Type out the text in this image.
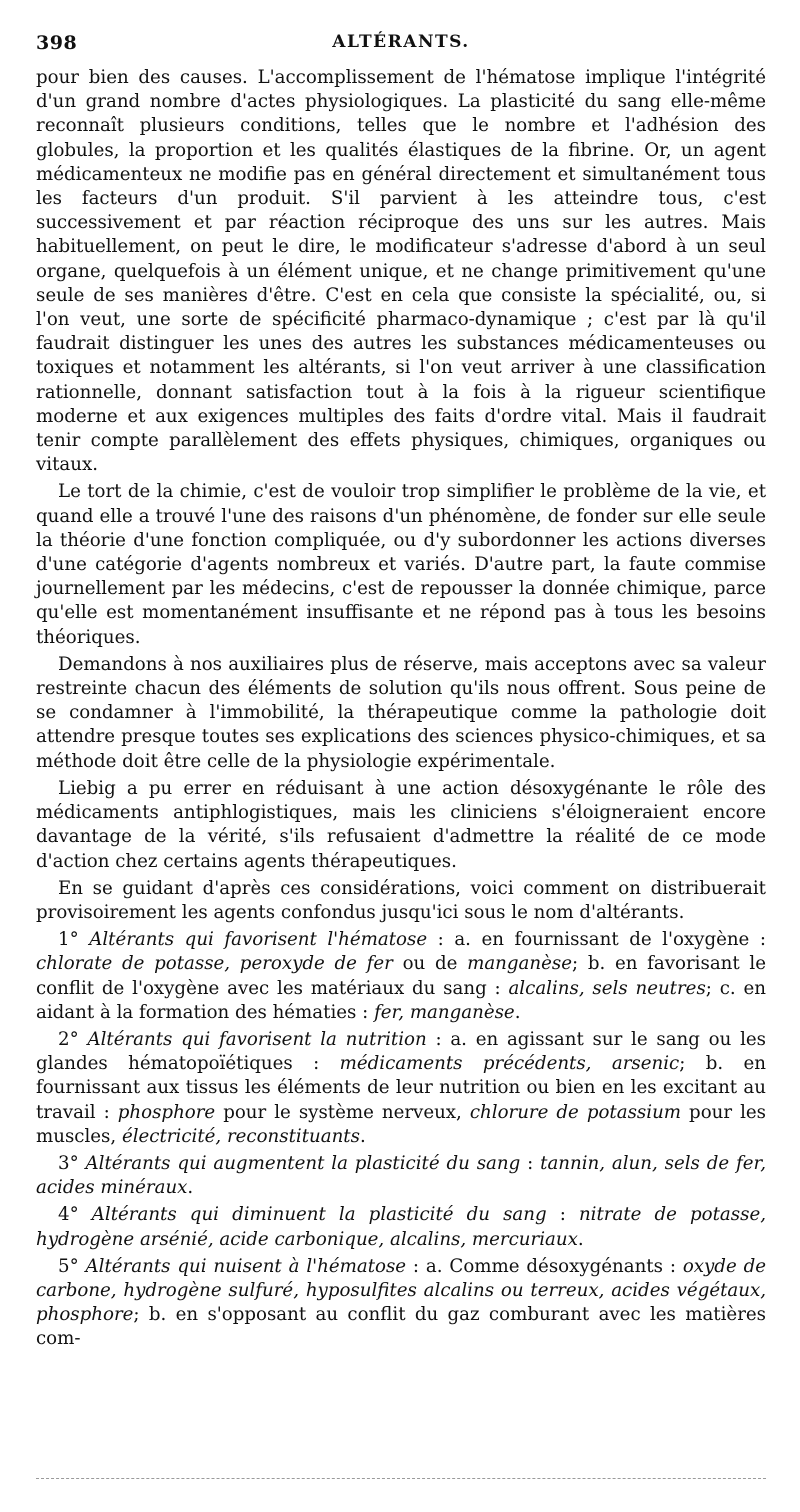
398	ALTÉRANTS.

pour bien des causes. L'accomplissement de l'hématose implique l'intégrité d'un grand nombre d'actes physiologiques. La plasticité du sang elle-même reconnaît plusieurs conditions, telles que le nombre et l'adhésion des globules, la proportion et les qualités élastiques de la fibrine. Or, un agent médicamenteux ne modifie pas en général directement et simultanément tous les facteurs d'un produit. S'il parvient à les atteindre tous, c'est successivement et par réaction réciproque des uns sur les autres. Mais habituellement, on peut le dire, le modificateur s'adresse d'abord à un seul organe, quelquefois à un élément unique, et ne change primitivement qu'une seule de ses manières d'être. C'est en cela que consiste la spécialité, ou, si l'on veut, une sorte de spécificité pharmaco-dynamique ; c'est par là qu'il faudrait distinguer les unes des autres les substances médicamenteuses ou toxiques et notamment les altérants, si l'on veut arriver à une classification rationnelle, donnant satisfaction tout à la fois à la rigueur scientifique moderne et aux exigences multiples des faits d'ordre vital. Mais il faudrait tenir compte parallèlement des effets physiques, chimiques, organiques ou vitaux.

Le tort de la chimie, c'est de vouloir trop simplifier le problème de la vie, et quand elle a trouvé l'une des raisons d'un phénomène, de fonder sur elle seule la théorie d'une fonction compliquée, ou d'y subordonner les actions diverses d'une catégorie d'agents nombreux et variés. D'autre part, la faute commise journellement par les médecins, c'est de repousser la donnée chimique, parce qu'elle est momentanément insuffisante et ne répond pas à tous les besoins théoriques.

Demandons à nos auxiliaires plus de réserve, mais acceptons avec sa valeur restreinte chacun des éléments de solution qu'ils nous offrent. Sous peine de se condamner à l'immobilité, la thérapeutique comme la pathologie doit attendre presque toutes ses explications des sciences physico-chimiques, et sa méthode doit être celle de la physiologie expérimentale.

Liebig a pu errer en réduisant à une action désoxygénante le rôle des médicaments antiphlogistiques, mais les cliniciens s'éloigneraient encore davantage de la vérité, s'ils refusaient d'admettre la réalité de ce mode d'action chez certains agents thérapeutiques.

En se guidant d'après ces considérations, voici comment on distribuerait provisoirement les agents confondus jusqu'ici sous le nom d'altérants.

1° Altérants qui favorisent l'hématose : a. en fournissant de l'oxygène : chlorate de potasse, peroxyde de fer ou de manganèse; b. en favorisant le conflit de l'oxygène avec les matériaux du sang : alcalins, sels neutres; c. en aidant à la formation des hématies : fer, manganèse.

2° Altérants qui favorisent la nutrition : a. en agissant sur le sang ou les glandes hématopoïétiques : médicaments précédents, arsenic; b. en fournissant aux tissus les éléments de leur nutrition ou bien en les excitant au travail : phosphore pour le système nerveux, chlorure de potassium pour les muscles, électricité, reconstituants.

3° Altérants qui augmentent la plasticité du sang : tannin, alun, sels de fer, acides minéraux.

4° Altérants qui diminuent la plasticité du sang : nitrate de potasse, hydrogène arsénié, acide carbonique, alcalins, mercuriaux.

5° Altérants qui nuisent à l'hématose : a. Comme désoxygénants : oxyde de carbone, hydrogène sulfuré, hyposulfites alcalins ou terreux, acides végétaux, phosphore; b. en s'opposant au conflit du gaz comburant avec les matières com-
